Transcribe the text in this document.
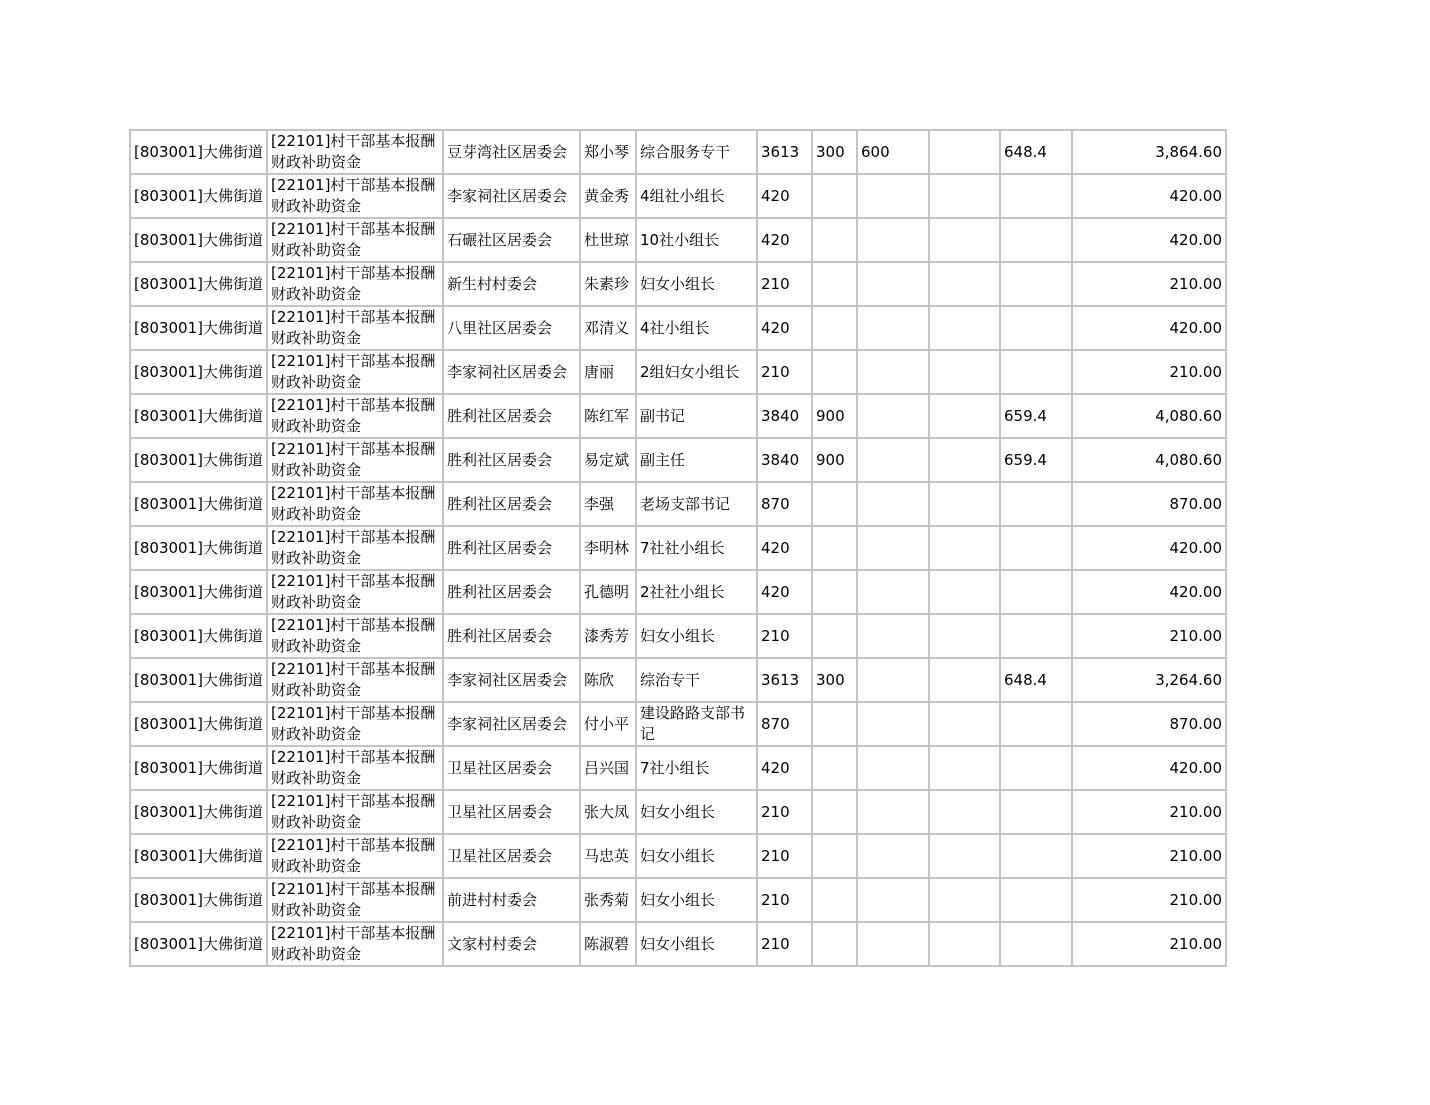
[803001]大佛街道	[22101]村干部基本报酬财政补助资金	豆芽湾社区居委会	郑小琴	综合服务专干	3613	300	600		648.4	3,864.60
[803001]大佛街道	[22101]村干部基本报酬财政补助资金	李家祠社区居委会	黄金秀	4组社小组长	420					420.00
[803001]大佛街道	[22101]村干部基本报酬财政补助资金	石碾社区居委会	杜世琼	10社小组长	420					420.00
[803001]大佛街道	[22101]村干部基本报酬财政补助资金	新生村村委会	朱素珍	妇女小组长	210					210.00
[803001]大佛街道	[22101]村干部基本报酬财政补助资金	八里社区居委会	邓清义	4社小组长	420					420.00
[803001]大佛街道	[22101]村干部基本报酬财政补助资金	李家祠社区居委会	唐丽	2组妇女小组长	210					210.00
[803001]大佛街道	[22101]村干部基本报酬财政补助资金	胜利社区居委会	陈红军	副书记	3840	900			659.4	4,080.60
[803001]大佛街道	[22101]村干部基本报酬财政补助资金	胜利社区居委会	易定斌	副主任	3840	900			659.4	4,080.60
[803001]大佛街道	[22101]村干部基本报酬财政补助资金	胜利社区居委会	李强	老场支部书记	870					870.00
[803001]大佛街道	[22101]村干部基本报酬财政补助资金	胜利社区居委会	李明林	7社社小组长	420					420.00
[803001]大佛街道	[22101]村干部基本报酬财政补助资金	胜利社区居委会	孔德明	2社社小组长	420					420.00
[803001]大佛街道	[22101]村干部基本报酬财政补助资金	胜利社区居委会	漆秀芳	妇女小组长	210					210.00
[803001]大佛街道	[22101]村干部基本报酬财政补助资金	李家祠社区居委会	陈欣	综治专干	3613	300			648.4	3,264.60
[803001]大佛街道	[22101]村干部基本报酬财政补助资金	李家祠社区居委会	付小平	建设路路支部书记	870					870.00
[803001]大佛街道	[22101]村干部基本报酬财政补助资金	卫星社区居委会	吕兴国	7社小组长	420					420.00
[803001]大佛街道	[22101]村干部基本报酬财政补助资金	卫星社区居委会	张大凤	妇女小组长	210					210.00
[803001]大佛街道	[22101]村干部基本报酬财政补助资金	卫星社区居委会	马忠英	妇女小组长	210					210.00
[803001]大佛街道	[22101]村干部基本报酬财政补助资金	前进村村委会	张秀菊	妇女小组长	210					210.00
[803001]大佛街道	[22101]村干部基本报酬财政补助资金	文家村村委会	陈淑碧	妇女小组长	210					210.00
